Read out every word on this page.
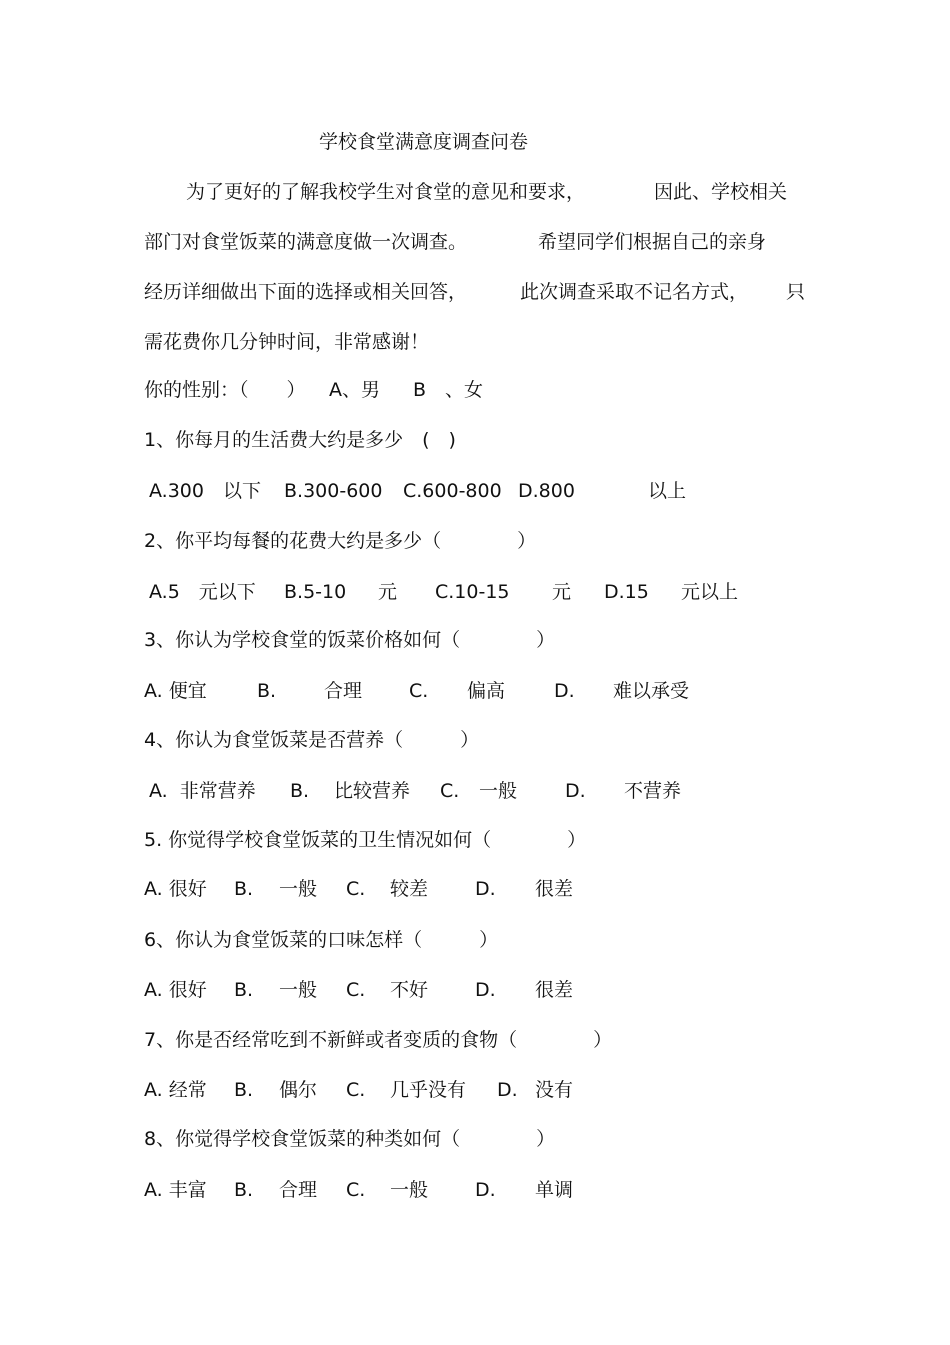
学校食堂满意度调查问卷
为了更好的了解我校学生对食堂的意见和要求，	因此、学校相关
部门对食堂饭菜的满意度做一次调查。	希望同学们根据自己的亲身
经历详细做出下面的选择或相关回答，	此次调查采取不记名方式， 只
需花费你几分钟时间，非常感谢！
你的性别：（　　） A、男 B　、女
1、你每月的生活费大约是多少　(　)
A.300　以下 B.300-600 C.600-800 D.800	以上
2、你平均每餐的花费大约是多少（　　　　）
A.5　元以下 B.5-10 元 C.10-15 元 D.15 元以上
3、你认为学校食堂的饭菜价格如何（　　　　）
A. 便宜	B.	合理 C. 偏高	D. 难以承受
4、你认为食堂饭菜是否营养（　　　）
A.  非常营养 B. 比较营养 C. 一般	D. 不营养
5. 你觉得学校食堂饭菜的卫生情况如何（　　　　）
A. 很好 B. 一般 C. 较差 D. 很差
6、你认为食堂饭菜的口味怎样（　　　）
A. 很好 B. 一般 C. 不好 D. 很差
7、你是否经常吃到不新鲜或者变质的食物（　　　　）
A. 经常 B. 偶尔 C. 几乎没有 D. 没有
8、你觉得学校食堂饭菜的种类如何（　　　　）
A. 丰富 B. 合理 C. 一般 D. 单调
